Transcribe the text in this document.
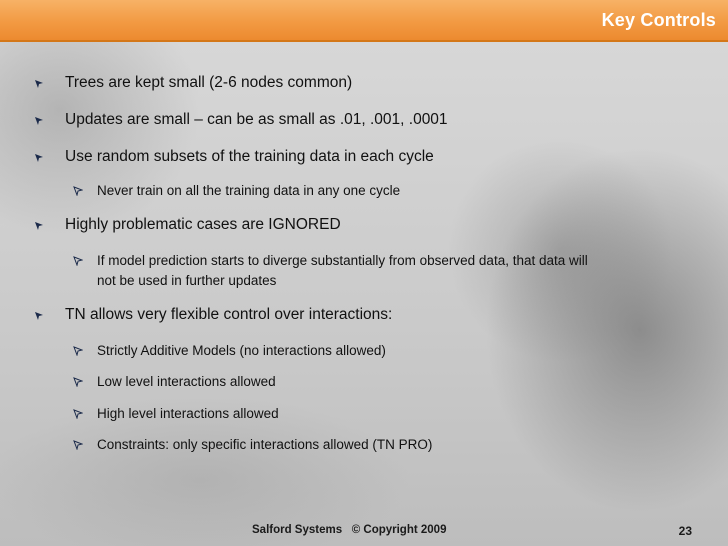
Key Controls
Trees are kept small (2-6 nodes common)
Updates are small – can be as small as .01, .001, .0001
Use random subsets of the training data in each cycle
Never train on all the training data in any one cycle
Highly problematic cases are IGNORED
If model prediction starts to diverge substantially from observed data, that data will
not be used in further updates
TN allows very flexible control over interactions:
Strictly Additive Models (no interactions allowed)
Low level interactions allowed
High level interactions allowed
Constraints: only specific interactions allowed (TN PRO)
Salford Systems © Copyright 2009	23
